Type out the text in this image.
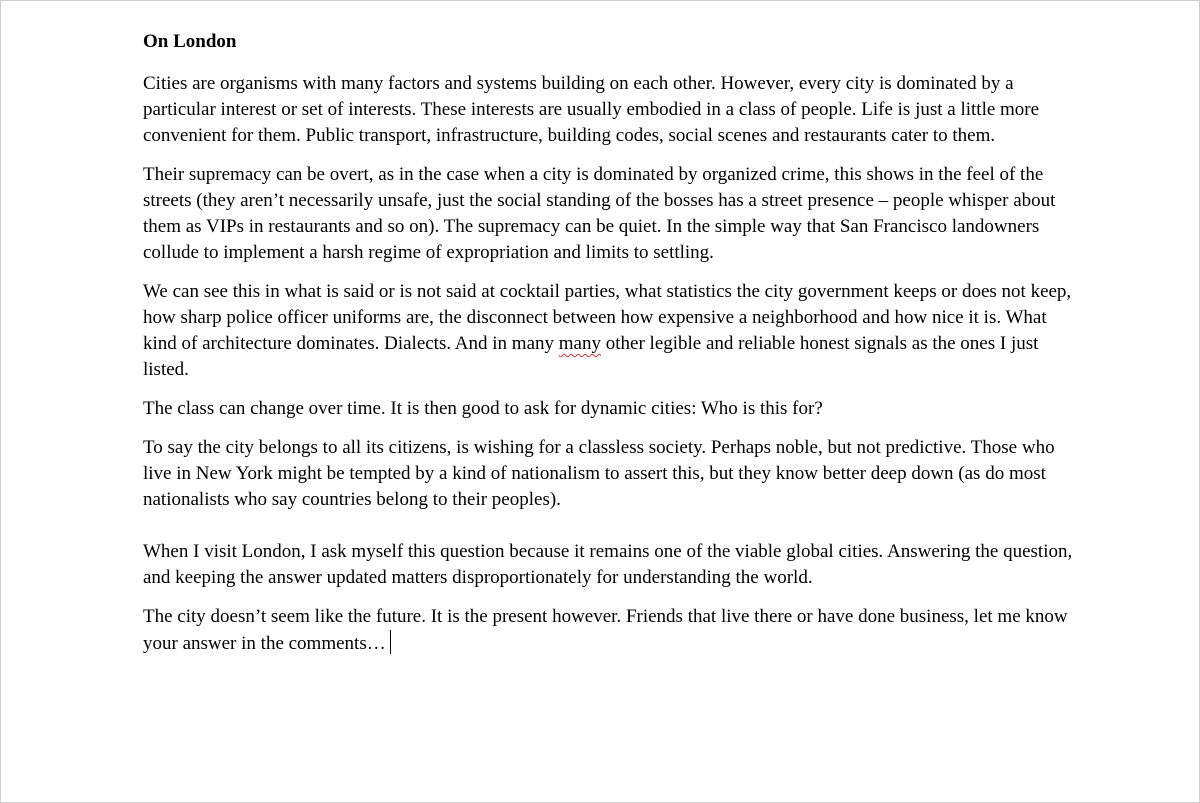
On London

Cities are organisms with many factors and systems building on each other. However, every city is dominated by a particular interest or set of interests. These interests are usually embodied in a class of people. Life is just a little more convenient for them. Public transport, infrastructure, building codes, social scenes and restaurants cater to them.

Their supremacy can be overt, as in the case when a city is dominated by organized crime, this shows in the feel of the streets (they aren’t necessarily unsafe, just the social standing of the bosses has a street presence – people whisper about them as VIPs in restaurants and so on). The supremacy can be quiet. In the simple way that San Francisco landowners collude to implement a harsh regime of expropriation and limits to settling.

We can see this in what is said or is not said at cocktail parties, what statistics the city government keeps or does not keep, how sharp police officer uniforms are, the disconnect between how expensive a neighborhood and how nice it is. What kind of architecture dominates. Dialects. And in many many other legible and reliable honest signals as the ones I just listed.

The class can change over time. It is then good to ask for dynamic cities: Who is this for?

To say the city belongs to all its citizens, is wishing for a classless society. Perhaps noble, but not predictive. Those who live in New York might be tempted by a kind of nationalism to assert this, but they know better deep down (as do most nationalists who say countries belong to their peoples).

When I visit London, I ask myself this question because it remains one of the viable global cities. Answering the question, and keeping the answer updated matters disproportionately for understanding the world.

The city doesn’t seem like the future. It is the present however. Friends that live there or have done business, let me know your answer in the comments…
